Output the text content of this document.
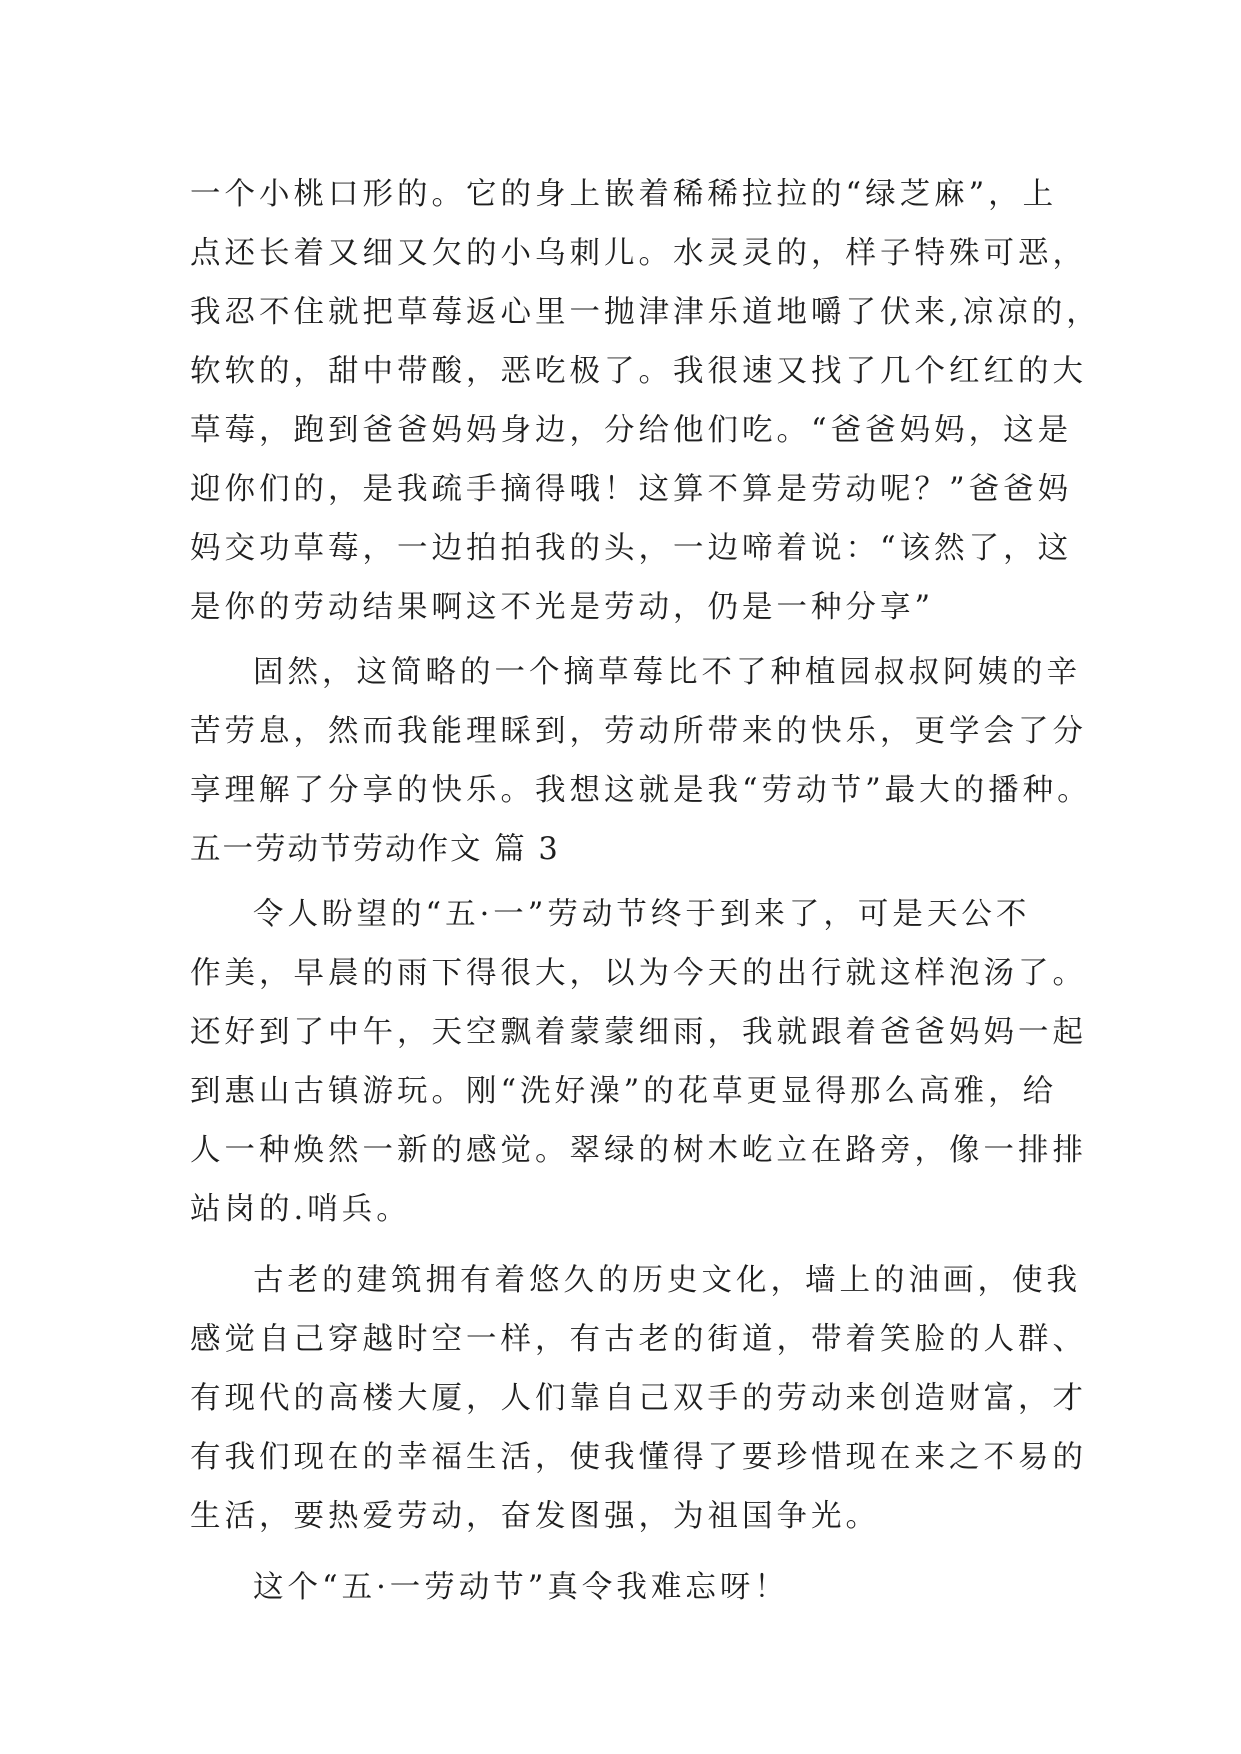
一个小桃口形的。它的身上嵌着稀稀拉拉的“绿芝麻”，上
点还长着又细又欠的小乌刺儿。水灵灵的，样子特殊可恶，
我忍不住就把草莓返心里一抛津津乐道地嚼了伏来,凉凉的，
软软的，甜中带酸，恶吃极了。我很速又找了几个红红的大
草莓，跑到爸爸妈妈身边，分给他们吃。“爸爸妈妈，这是
迎你们的，是我疏手摘得哦！这算不算是劳动呢？”爸爸妈
妈交功草莓，一边拍拍我的头，一边啼着说：“该然了，这
是你的劳动结果啊这不光是劳动，仍是一种分享”
固然，这简略的一个摘草莓比不了种植园叔叔阿姨的辛
苦劳息，然而我能理睬到，劳动所带来的快乐，更学会了分
享理解了分享的快乐。我想这就是我“劳动节”最大的播种。
五一劳动节劳动作文 篇 3
令人盼望的“五·一”劳动节终于到来了，可是天公不
作美，早晨的雨下得很大，以为今天的出行就这样泡汤了。
还好到了中午，天空飘着蒙蒙细雨，我就跟着爸爸妈妈一起
到惠山古镇游玩。刚“洗好澡”的花草更显得那么高雅，给
人一种焕然一新的感觉。翠绿的树木屹立在路旁，像一排排
站岗的.哨兵。
古老的建筑拥有着悠久的历史文化，墙上的油画，使我
感觉自己穿越时空一样，有古老的街道，带着笑脸的人群、
有现代的高楼大厦，人们靠自己双手的劳动来创造财富，才
有我们现在的幸福生活，使我懂得了要珍惜现在来之不易的
生活，要热爱劳动，奋发图强，为祖国争光。
这个“五·一劳动节”真令我难忘呀！
